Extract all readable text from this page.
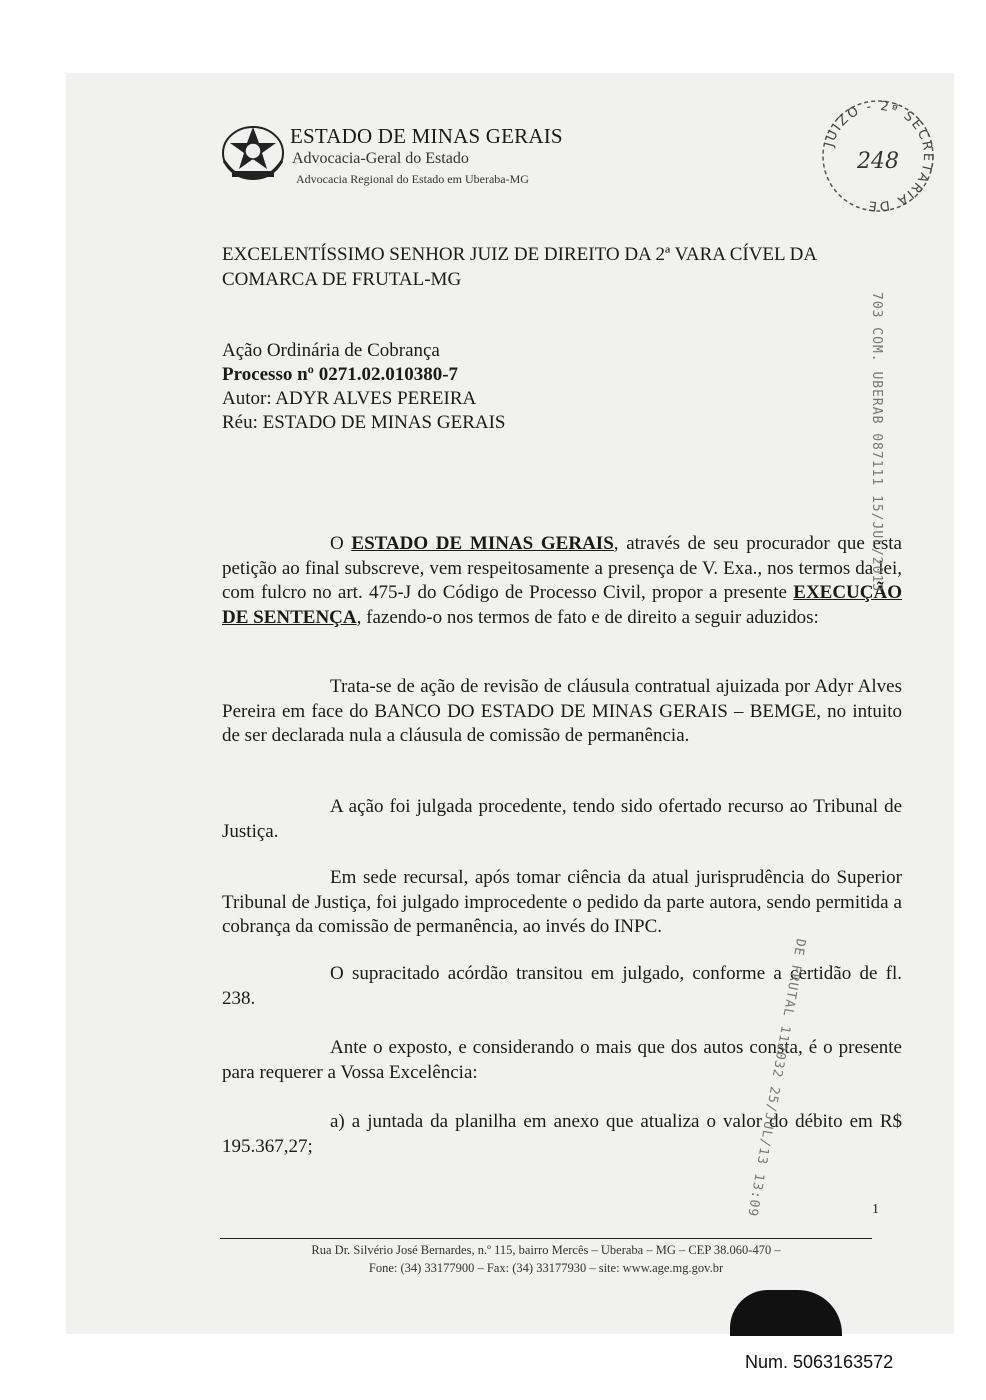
ESTADO DE MINAS GERAIS
Advocacia-Geral do Estado
Advocacia Regional do Estado em Uberaba-MG
JUIZO - 2ª SECRETARIA DE
248
EXCELENTÍSSIMO SENHOR JUIZ DE DIREITO DA 2ª VARA CÍVEL DA COMARCA DE FRUTAL-MG
Ação Ordinária de Cobrança
Processo nº 0271.02.010380-7
Autor: ADYR ALVES PEREIRA
Réu: ESTADO DE MINAS GERAIS
O ESTADO DE MINAS GERAIS, através de seu procurador que esta petição ao final subscreve, vem respeitosamente a presença de V. Exa., nos termos da lei, com fulcro no art. 475-J do Código de Processo Civil, propor a presente EXECUÇÃO DE SENTENÇA, fazendo-o nos termos de fato e de direito a seguir aduzidos:
Trata-se de ação de revisão de cláusula contratual ajuizada por Adyr Alves Pereira em face do BANCO DO ESTADO DE MINAS GERAIS – BEMGE, no intuito de ser declarada nula a cláusula de comissão de permanência.
A ação foi julgada procedente, tendo sido ofertado recurso ao Tribunal de Justiça.
Em sede recursal, após tomar ciência da atual jurisprudência do Superior Tribunal de Justiça, foi julgado improcedente o pedido da parte autora, sendo permitida a cobrança da comissão de permanência, ao invés do INPC.
O supracitado acórdão transitou em julgado, conforme a certidão de fl. 238.
Ante o exposto, e considerando o mais que dos autos consta, é o presente para requerer a Vossa Excelência:
a) a juntada da planilha em anexo que atualiza o valor do débito em R$ 195.367,27;
703 COM. UBERAB 087111 15/JUL/2013
DE FRUTAL 112032 25/JUL/13 13:09	1
Rua Dr. Silvério José Bernardes, n.º 115, bairro Mercês – Uberaba – MG – CEP 38.060-470 –
Fone: (34) 33177900 – Fax: (34) 33177930 – site: www.age.mg.gov.br
Num. 5063163572
